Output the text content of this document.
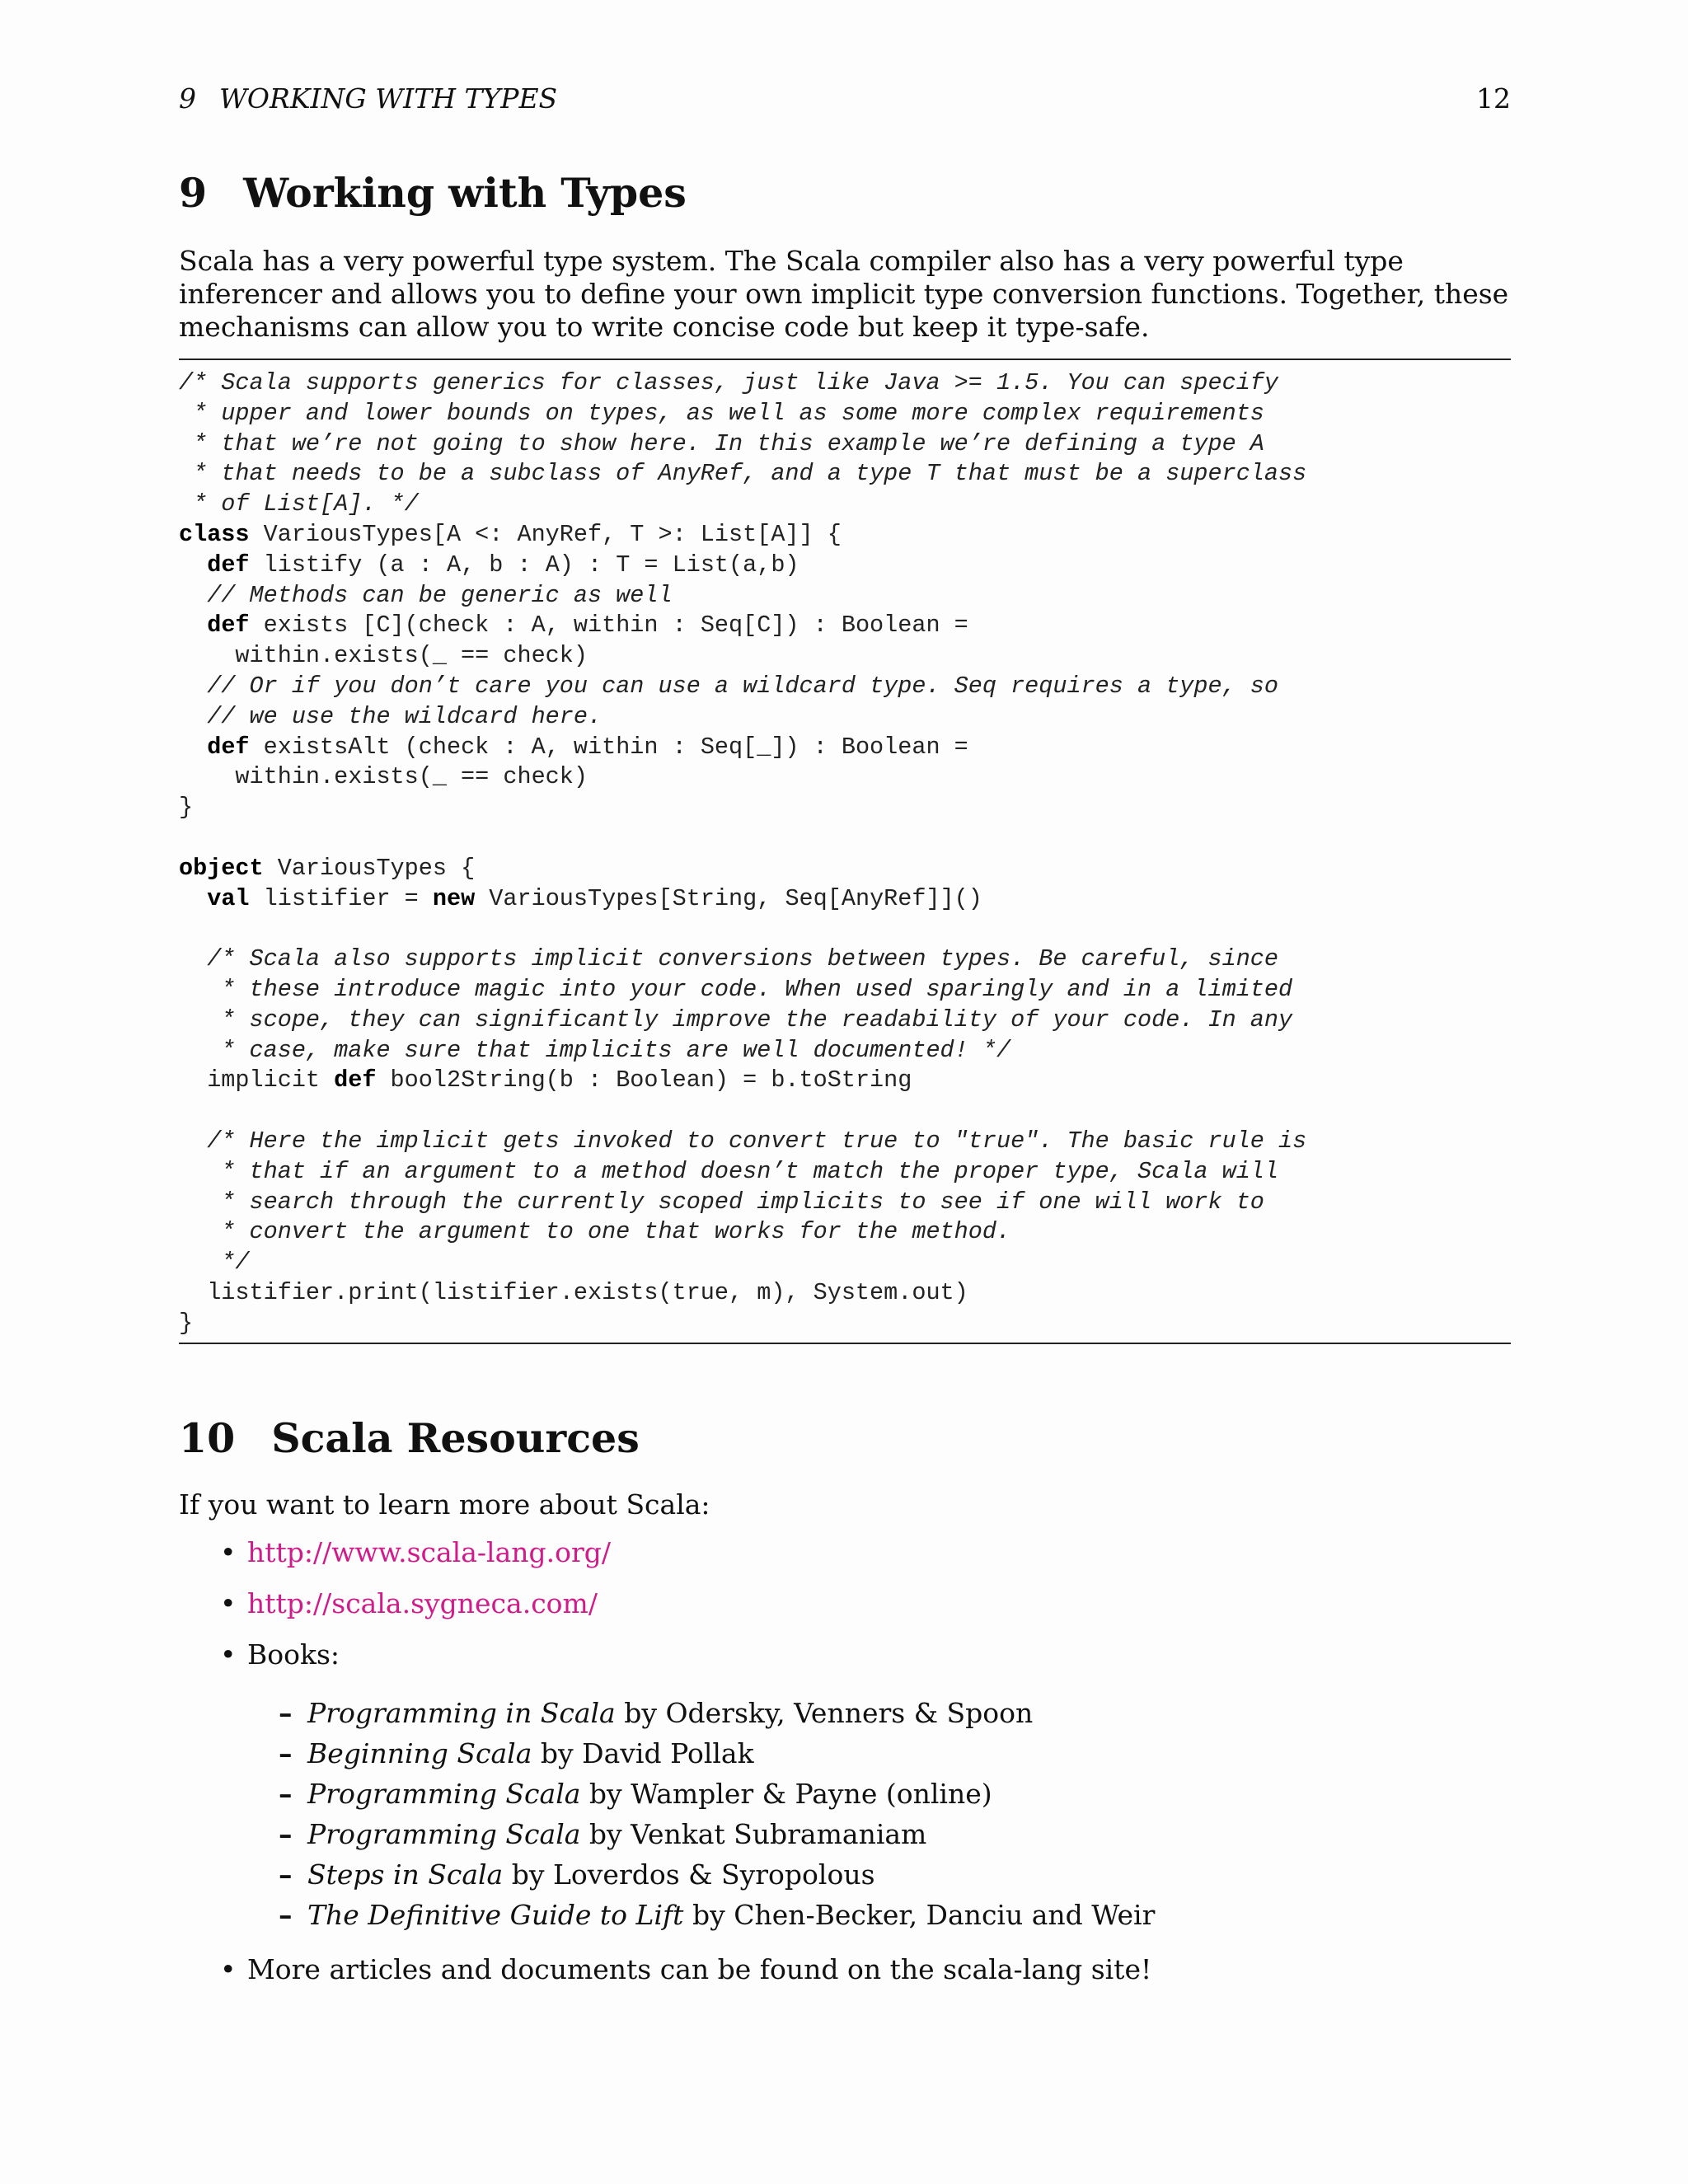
9 WORKING WITH TYPES	12
9 Working with Types

Scala has a very powerful type system. The Scala compiler also has a very powerful type inferencer and allows you to define your own implicit type conversion functions. Together, these mechanisms can allow you to write concise code but keep it type-safe.

/* Scala supports generics for classes, just like Java >= 1.5. You can specify
* upper and lower bounds on types, as well as some more complex requirements
* that we’re not going to show here. In this example we’re defining a type A
* that needs to be a subclass of AnyRef, and a type T that must be a superclass
* of List[A]. */
class VariousTypes[A <: AnyRef, T >: List[A]] {
def listify (a : A, b : A) : T = List(a,b)
// Methods can be generic as well
def exists [C](check : A, within : Seq[C]) : Boolean =
within.exists(_ == check)
// Or if you don’t care you can use a wildcard type. Seq requires a type, so
// we use the wildcard here.
def existsAlt (check : A, within : Seq[_]) : Boolean =
within.exists(_ == check)
}

object VariousTypes {
val listifier = new VariousTypes[String, Seq[AnyRef]]()

/* Scala also supports implicit conversions between types. Be careful, since
* these introduce magic into your code. When used sparingly and in a limited
* scope, they can significantly improve the readability of your code. In any
* case, make sure that implicits are well documented! */
implicit def bool2String(b : Boolean) = b.toString

/* Here the implicit gets invoked to convert true to "true". The basic rule is
* that if an argument to a method doesn’t match the proper type, Scala will
* search through the currently scoped implicits to see if one will work to
* convert the argument to one that works for the method.
*/
listifier.print(listifier.exists(true, m), System.out)
}
10 Scala Resources
If you want to learn more about Scala:
• http://www.scala-lang.org/
• http://scala.sygneca.com/
• Books:
– Programming in Scala by Odersky, Venners & Spoon
– Beginning Scala by David Pollak
– Programming Scala by Wampler & Payne (online)
– Programming Scala by Venkat Subramaniam
– Steps in Scala by Loverdos & Syropolous
– The Definitive Guide to Lift by Chen-Becker, Danciu and Weir
• More articles and documents can be found on the scala-lang site!
